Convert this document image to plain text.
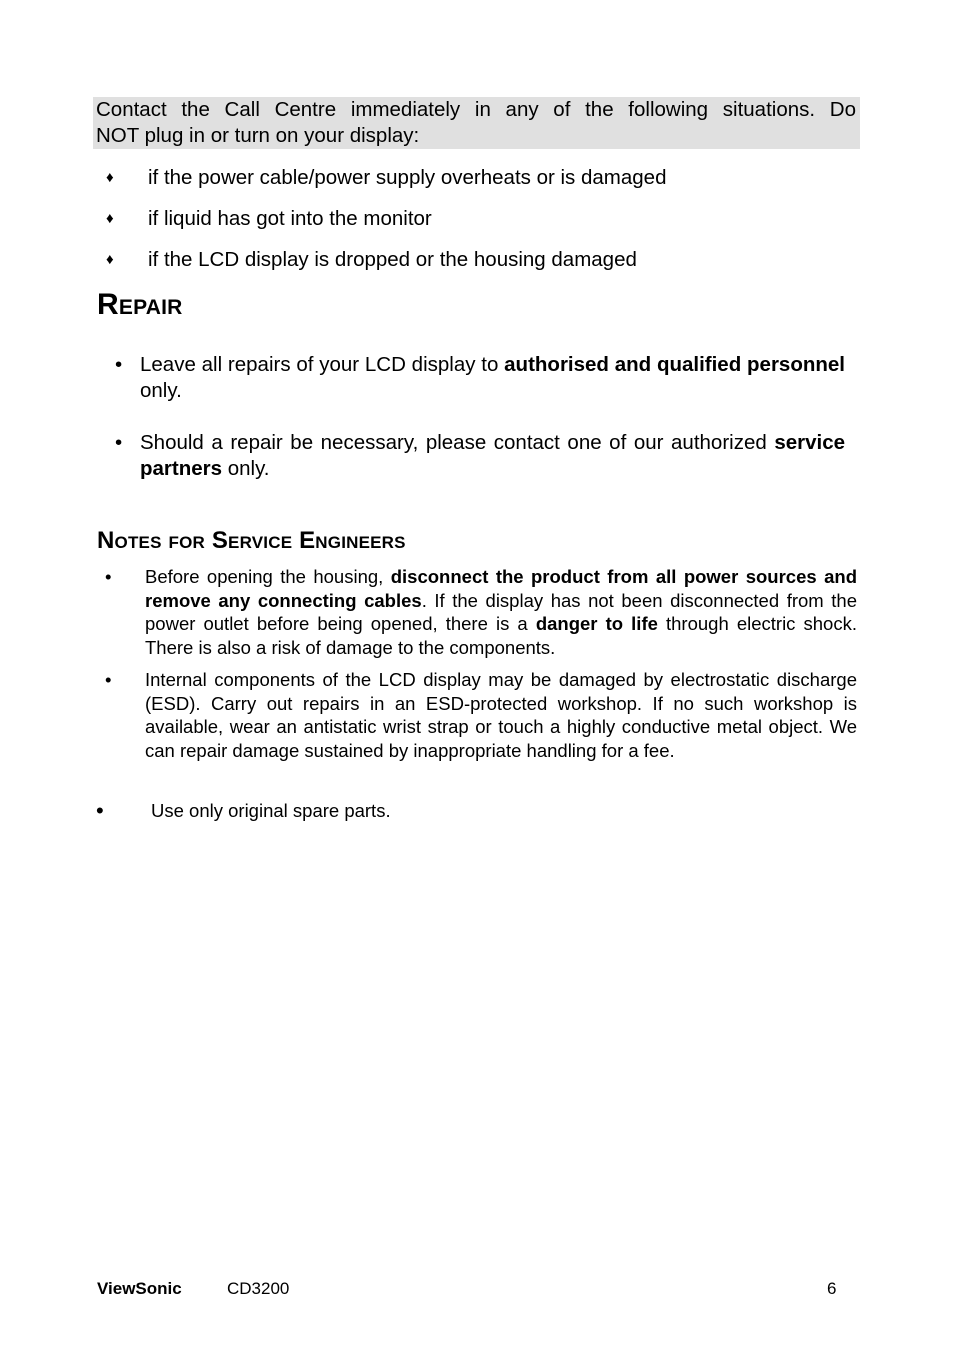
Contact the Call Centre immediately in any of the following situations. Do
NOT plug in or turn on your display:
♦ if the power cable/power supply overheats or is damaged
♦ if liquid has got into the monitor
♦ if the LCD display is dropped or the housing damaged
Repair
• Leave all repairs of your LCD display to authorised and qualified personnel only.
• Should a repair be necessary, please contact one of our authorized service partners only.
Notes for Service Engineers
• Before opening the housing, disconnect the product from all power sources and remove any connecting cables. If the display has not been disconnected from the power outlet before being opened, there is a danger to life through electric shock. There is also a risk of damage to the components.
• Internal components of the LCD display may be damaged by electrostatic discharge (ESD). Carry out repairs in an ESD-protected workshop. If no such workshop is available, wear an antistatic wrist strap or touch a highly conductive metal object. We can repair damage sustained by inappropriate handling for a fee.
•	Use only original spare parts.
ViewSonic	CD3200	6
